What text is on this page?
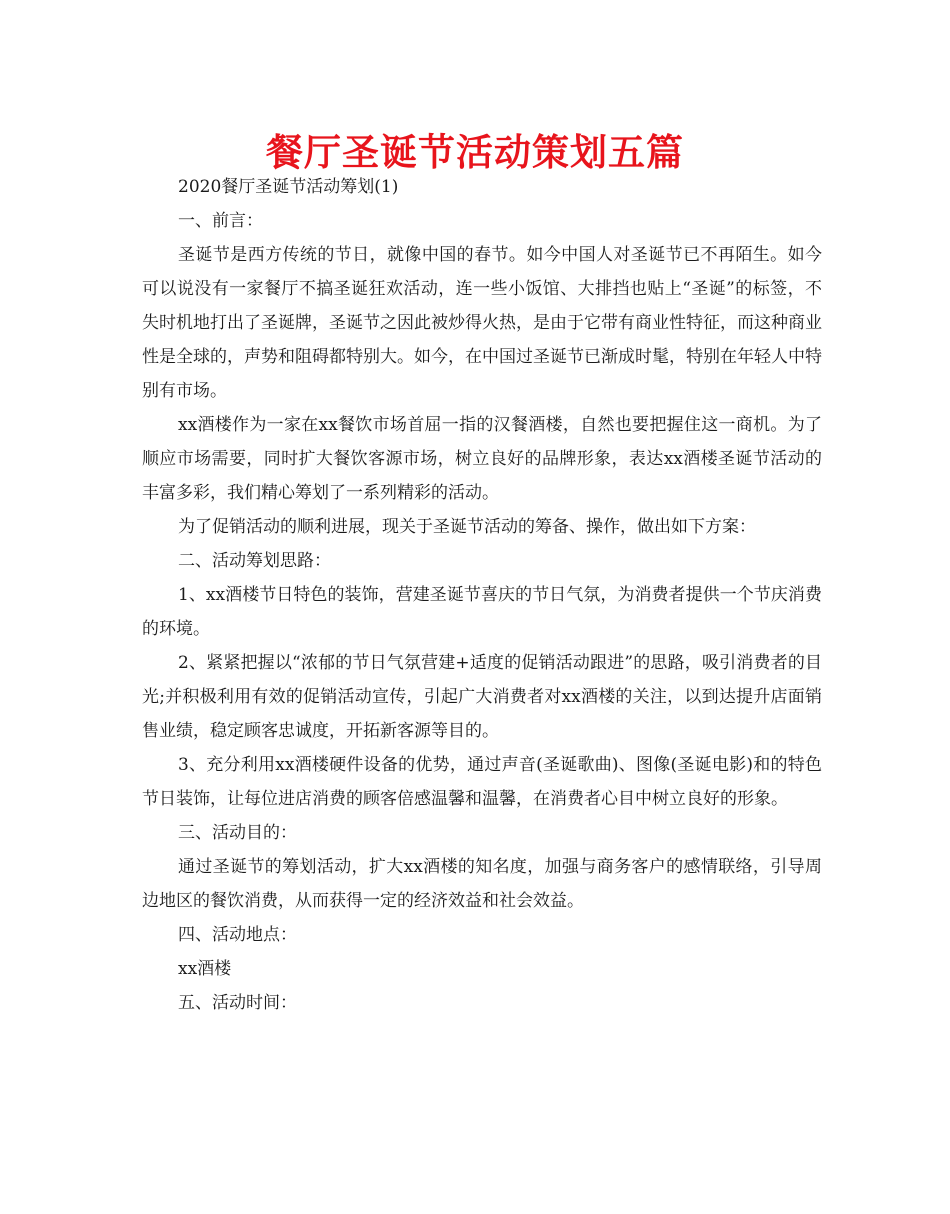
餐厅圣诞节活动策划五篇

2020餐厅圣诞节活动筹划(1)

一、前言：

圣诞节是西方传统的节日，就像中国的春节。如今中国人对圣诞节已不再陌生。如今可以说没有一家餐厅不搞圣诞狂欢活动，连一些小饭馆、大排挡也贴上“圣诞”的标签，不失时机地打出了圣诞牌，圣诞节之因此被炒得火热，是由于它带有商业性特征，而这种商业性是全球的，声势和阻碍都特别大。如今，在中国过圣诞节已渐成时髦，特别在年轻人中特别有市场。

xx酒楼作为一家在xx餐饮市场首屈一指的汉餐酒楼，自然也要把握住这一商机。为了顺应市场需要，同时扩大餐饮客源市场，树立良好的品牌形象，表达xx酒楼圣诞节活动的丰富多彩，我们精心筹划了一系列精彩的活动。

为了促销活动的顺利进展，现关于圣诞节活动的筹备、操作，做出如下方案：

二、活动筹划思路：

1、xx酒楼节日特色的装饰，营建圣诞节喜庆的节日气氛，为消费者提供一个节庆消费的环境。

2、紧紧把握以“浓郁的节日气氛营建+适度的促销活动跟进”的思路，吸引消费者的目光;并积极利用有效的促销活动宣传，引起广大消费者对xx酒楼的关注，以到达提升店面销售业绩，稳定顾客忠诚度，开拓新客源等目的。

3、充分利用xx酒楼硬件设备的优势，通过声音(圣诞歌曲)、图像(圣诞电影)和的特色节日装饰，让每位进店消费的顾客倍感温馨和温馨，在消费者心目中树立良好的形象。

三、活动目的：

通过圣诞节的筹划活动，扩大xx酒楼的知名度，加强与商务客户的感情联络，引导周边地区的餐饮消费，从而获得一定的经济效益和社会效益。

四、活动地点：

xx酒楼

五、活动时间：
